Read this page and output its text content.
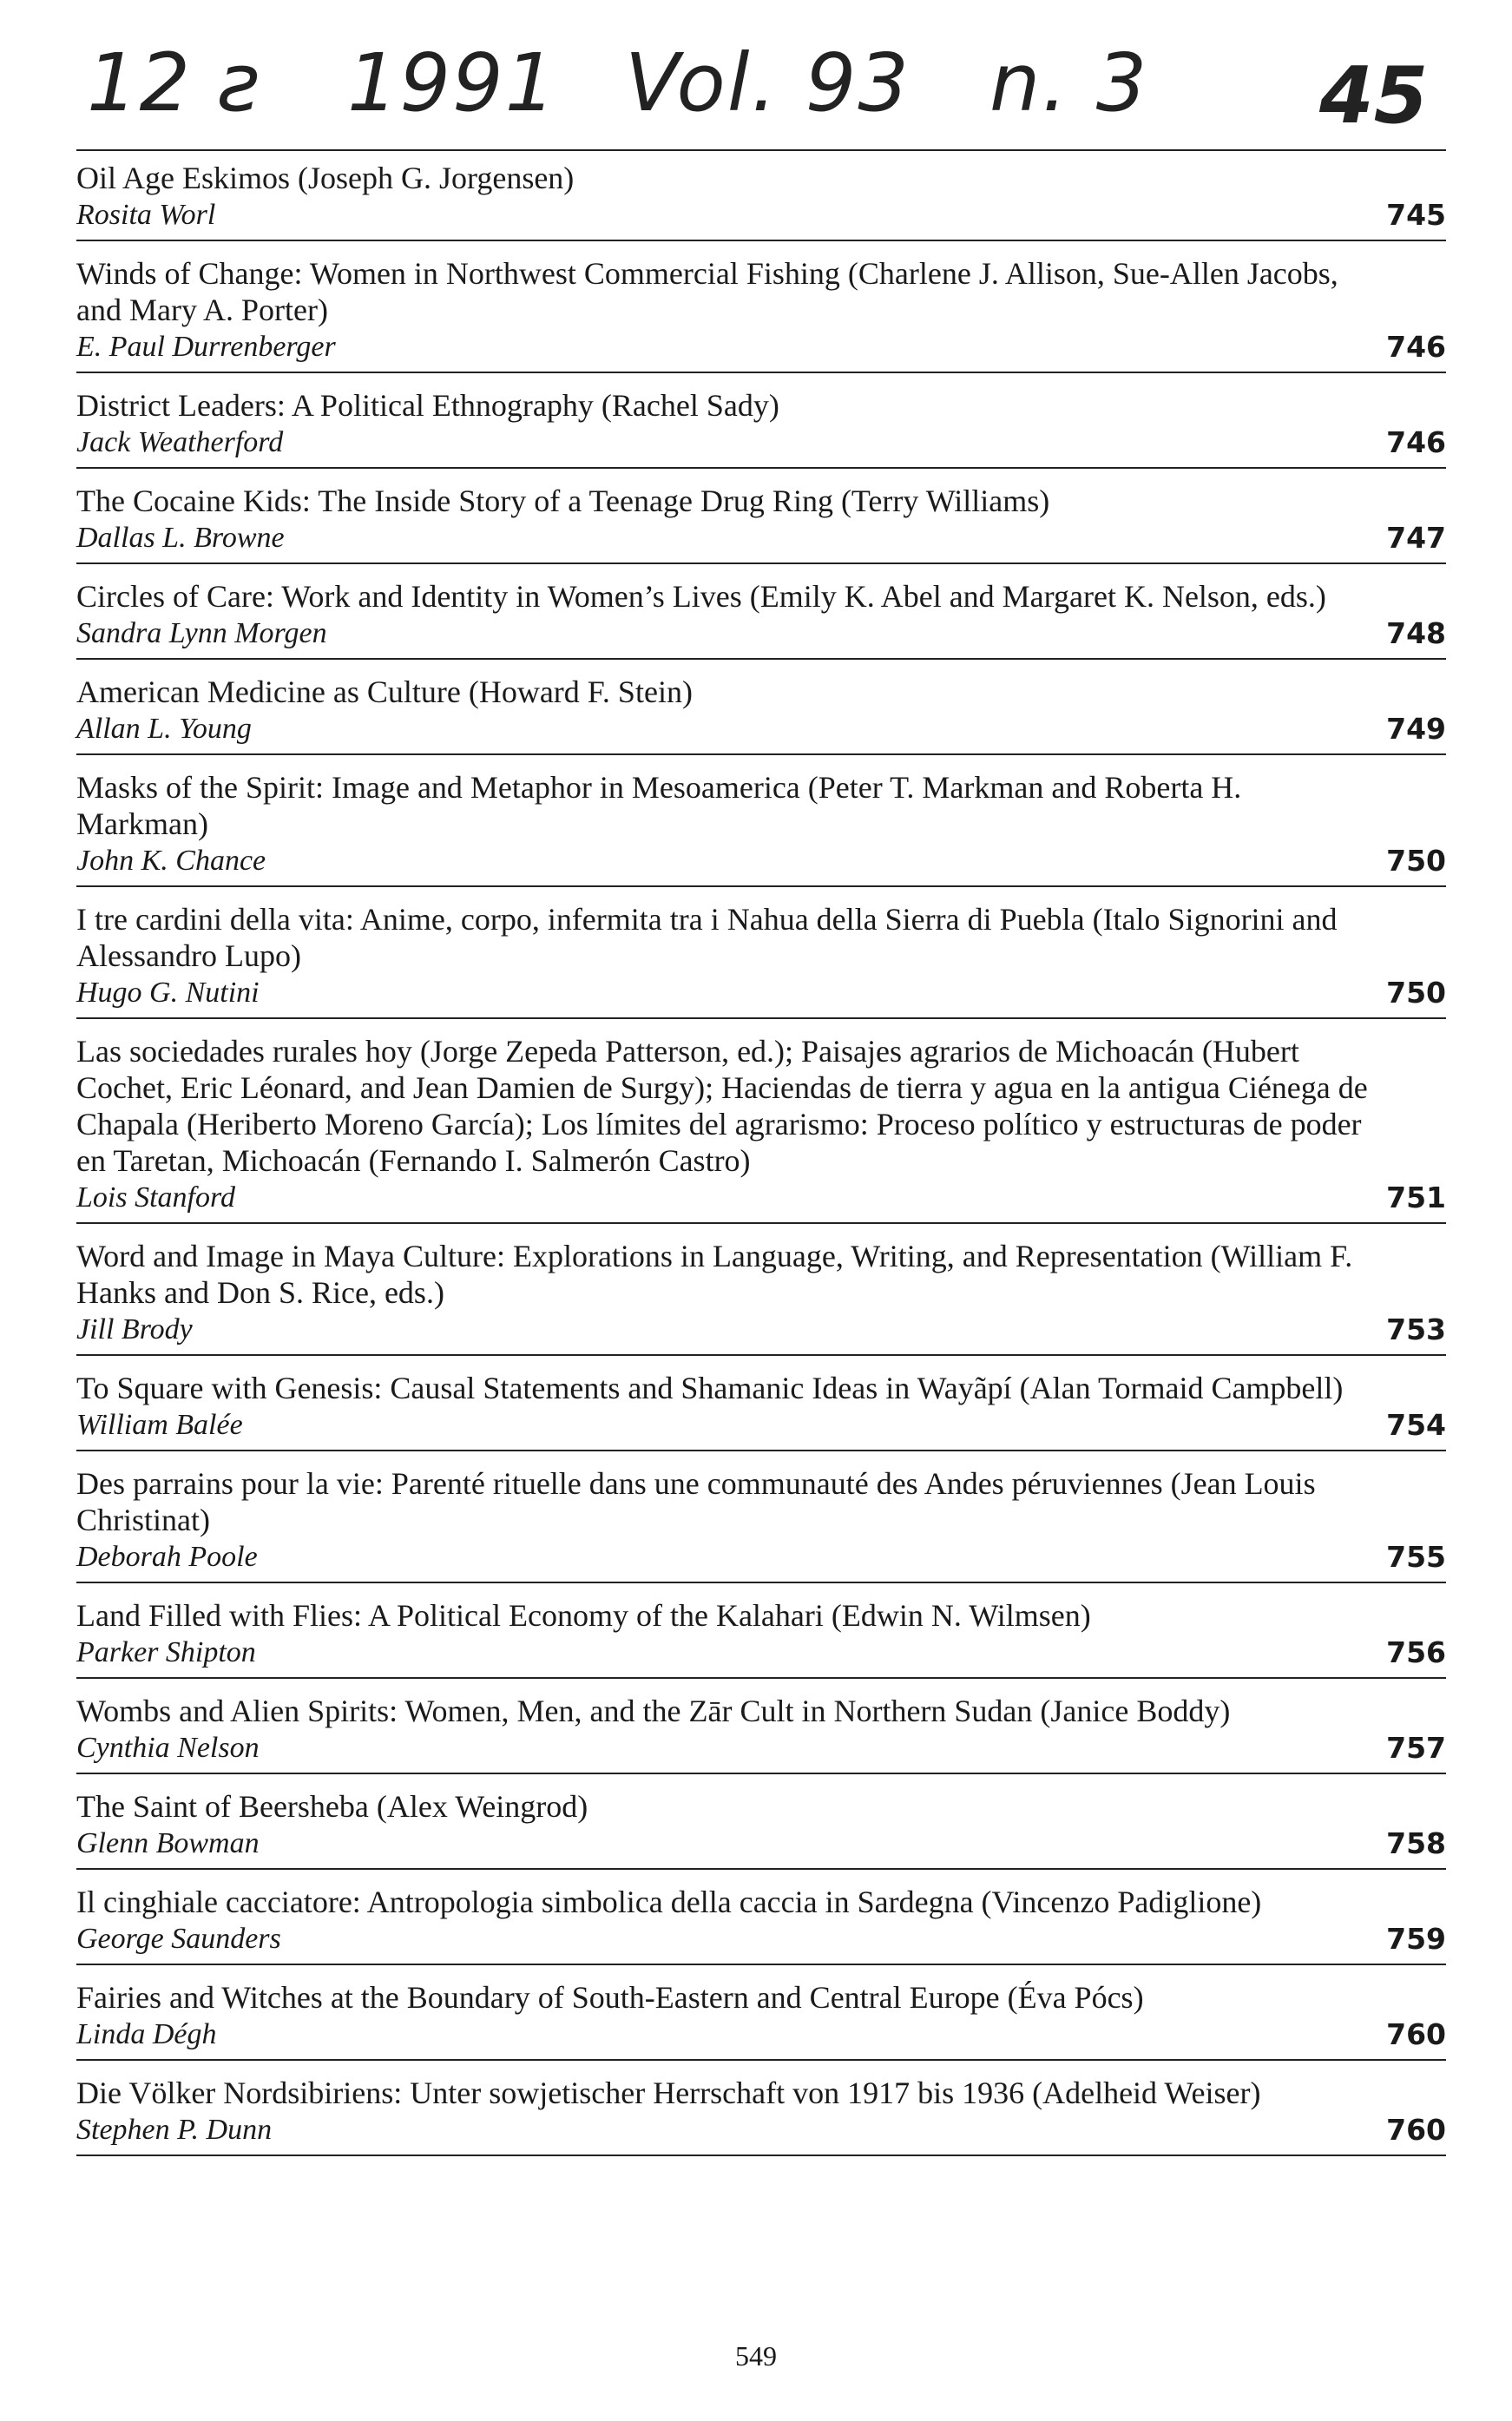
12 ƨ 1991 Vol. 93 n. 3 45
Oil Age Eskimos (Joseph G. Jorgensen)
Rosita Worl	745
Winds of Change: Women in Northwest Commercial Fishing (Charlene J. Allison, Sue-Allen Jacobs, and Mary A. Porter)
E. Paul Durrenberger	746
District Leaders: A Political Ethnography (Rachel Sady)
Jack Weatherford	746
The Cocaine Kids: The Inside Story of a Teenage Drug Ring (Terry Williams)
Dallas L. Browne	747
Circles of Care: Work and Identity in Women’s Lives (Emily K. Abel and Margaret K. Nelson, eds.)
Sandra Lynn Morgen	748
American Medicine as Culture (Howard F. Stein)
Allan L. Young	749
Masks of the Spirit: Image and Metaphor in Mesoamerica (Peter T. Markman and Roberta H. Markman)
John K. Chance	750
I tre cardini della vita: Anime, corpo, infermita tra i Nahua della Sierra di Puebla (Italo Signorini and Alessandro Lupo)
Hugo G. Nutini	750
Las sociedades rurales hoy (Jorge Zepeda Patterson, ed.); Paisajes agrarios de Michoacán (Hubert Cochet, Eric Léonard, and Jean Damien de Surgy); Haciendas de tierra y agua en la antigua Ciénega de Chapala (Heriberto Moreno García); Los límites del agrarismo: Proceso político y estructuras de poder en Taretan, Michoacán (Fernando I. Salmerón Castro)
Lois Stanford	751
Word and Image in Maya Culture: Explorations in Language, Writing, and Representation (William F. Hanks and Don S. Rice, eds.)
Jill Brody	753
To Square with Genesis: Causal Statements and Shamanic Ideas in Wayãpí (Alan Tormaid Campbell)
William Balée	754
Des parrains pour la vie: Parenté rituelle dans une communauté des Andes péruviennes (Jean Louis Christinat)
Deborah Poole	755
Land Filled with Flies: A Political Economy of the Kalahari (Edwin N. Wilmsen)
Parker Shipton	756
Wombs and Alien Spirits: Women, Men, and the Zār Cult in Northern Sudan (Janice Boddy)
Cynthia Nelson	757
The Saint of Beersheba (Alex Weingrod)
Glenn Bowman	758
Il cinghiale cacciatore: Antropologia simbolica della caccia in Sardegna (Vincenzo Padiglione)
George Saunders	759
Fairies and Witches at the Boundary of South-Eastern and Central Europe (Éva Pócs)
Linda Dégh	760
Die Völker Nordsibiriens: Unter sowjetischer Herrschaft von 1917 bis 1936 (Adelheid Weiser)
Stephen P. Dunn	760
549
